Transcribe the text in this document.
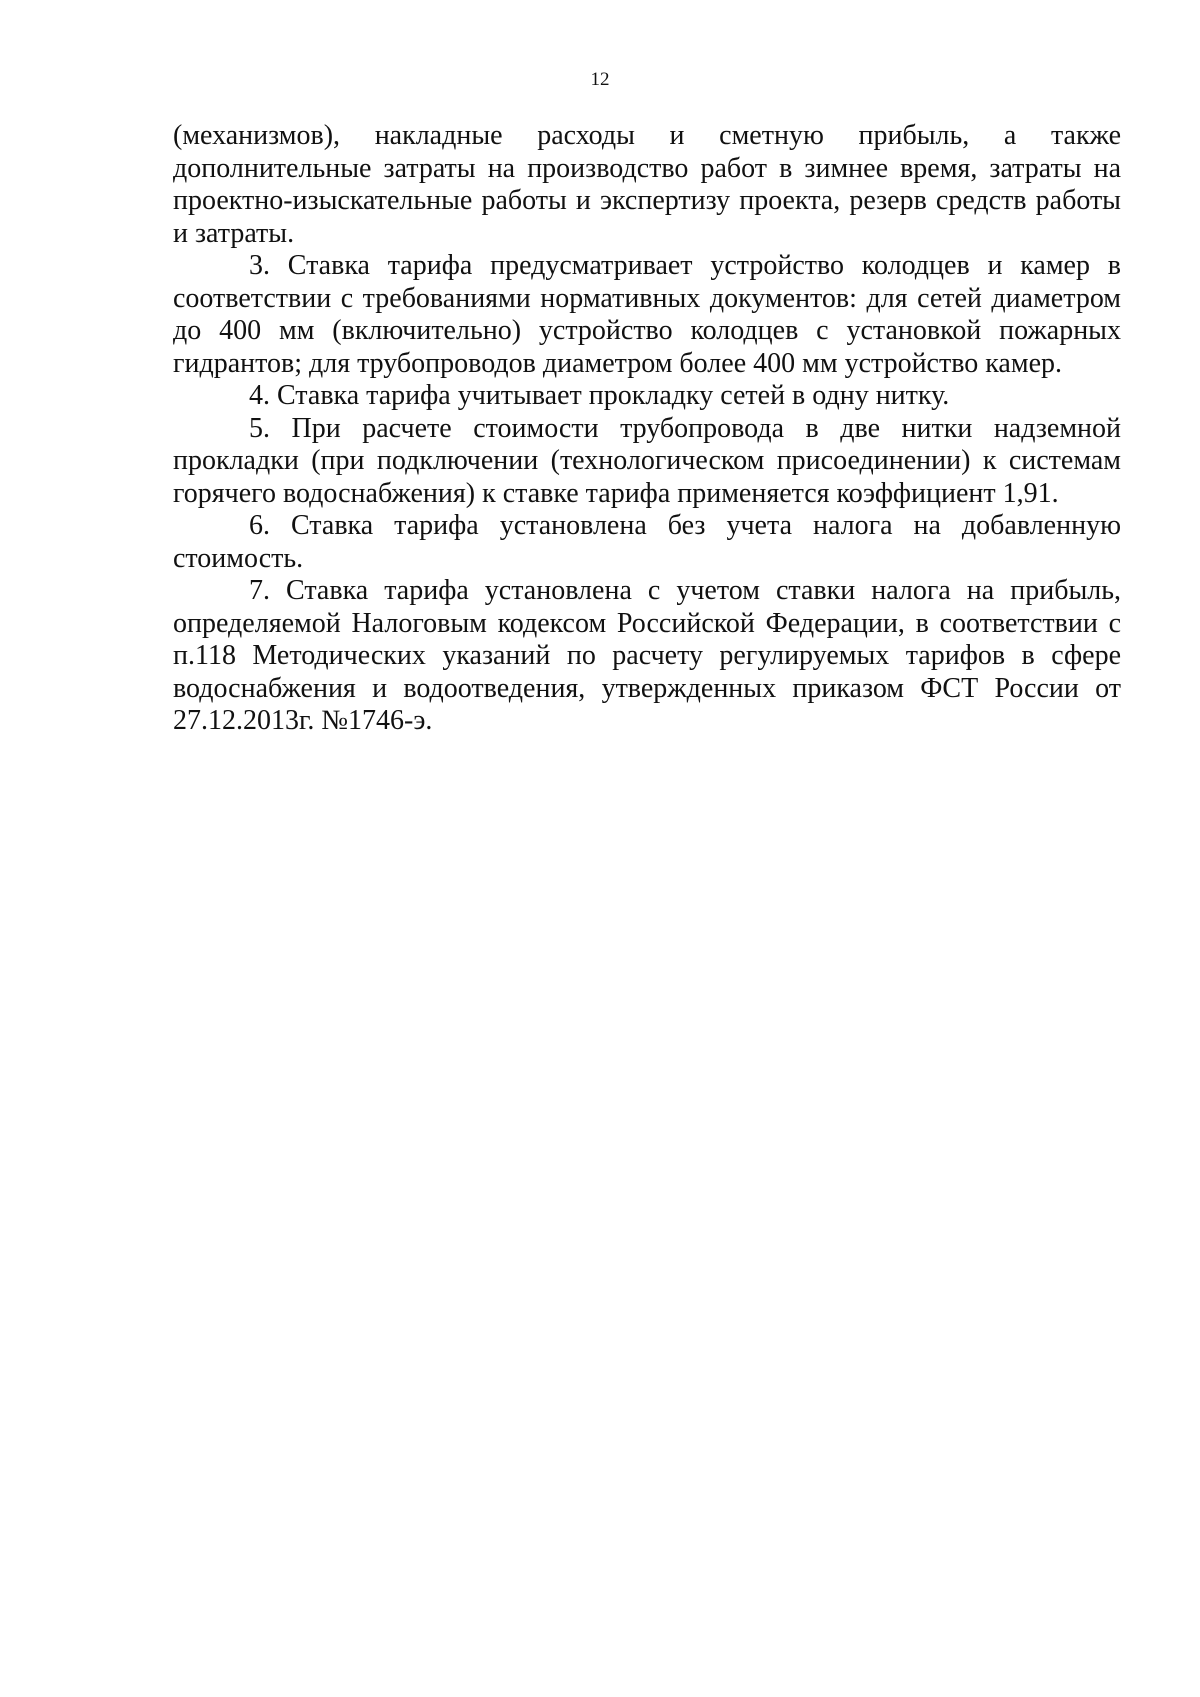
12

(механизмов), накладные расходы и сметную прибыль, а также дополнительные затраты на производство работ в зимнее время, затраты на проектно-изыскательные работы и экспертизу проекта, резерв средств работы и затраты.

3. Ставка тарифа предусматривает устройство колодцев и камер в соответствии с требованиями нормативных документов: для сетей диаметром до 400 мм (включительно) устройство колодцев с установкой пожарных гидрантов; для трубопроводов диаметром более 400 мм устройство камер.

4. Ставка тарифа учитывает прокладку сетей в одну нитку.

5. При расчете стоимости трубопровода в две нитки надземной прокладки (при подключении (технологическом присоединении) к системам горячего водоснабжения) к ставке тарифа применяется коэффициент 1,91.

6. Ставка тарифа установлена без учета налога на добавленную стоимость.

7. Ставка тарифа установлена с учетом ставки налога на прибыль, определяемой Налоговым кодексом Российской Федерации, в соответствии с п.118 Методических указаний по расчету регулируемых тарифов в сфере водоснабжения и водоотведения, утвержденных приказом ФСТ России от 27.12.2013г. №1746-э.
